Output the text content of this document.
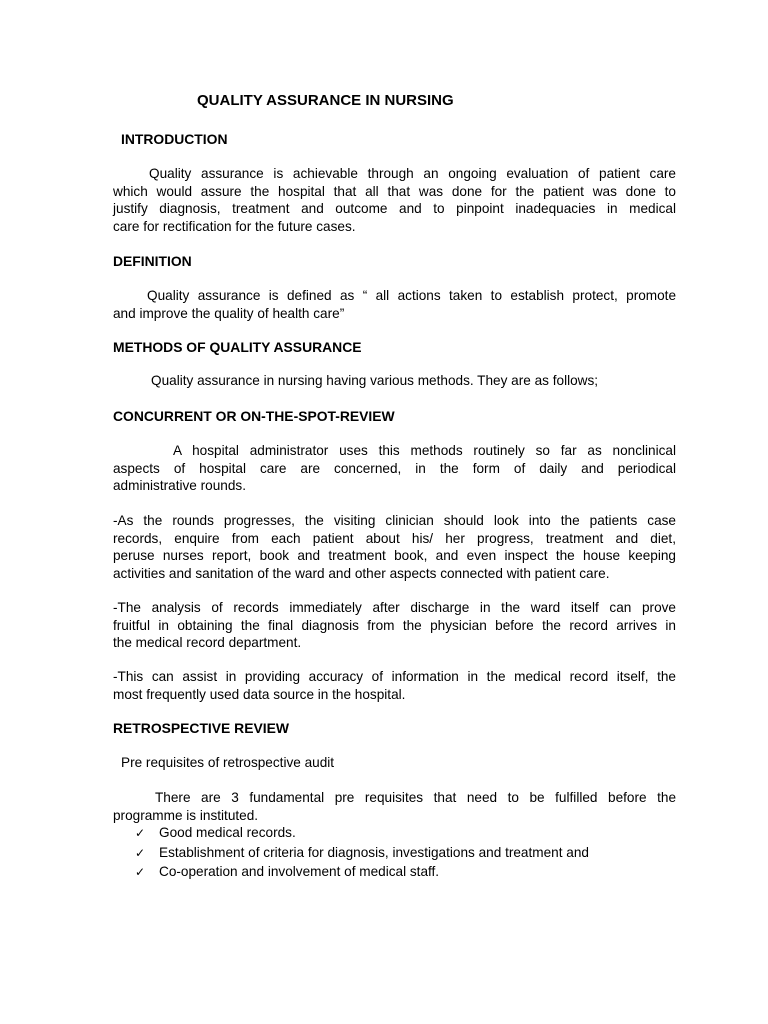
QUALITY ASSURANCE IN NURSING

INTRODUCTION

Quality assurance is achievable through an ongoing evaluation of patient care
which would assure the hospital that all that was done for the patient was done to
justify diagnosis, treatment and outcome and to pinpoint inadequacies in medical
care for rectification for the future cases.

DEFINITION

Quality assurance is defined as “ all actions taken to establish protect, promote
and improve the quality of health care”

METHODS OF QUALITY ASSURANCE

Quality assurance in nursing having various methods. They are as follows;

CONCURRENT OR ON-THE-SPOT-REVIEW

A hospital administrator uses this methods routinely so far as nonclinical
aspects of hospital care are concerned, in the form of daily and periodical
administrative rounds.
-As the rounds progresses, the visiting clinician should look into the patients case
records, enquire from each patient about his/ her progress, treatment and diet,
peruse nurses report, book and treatment book, and even inspect the house keeping
activities and sanitation of the ward and other aspects connected with patient care.
-The analysis of records immediately after discharge in the ward itself can prove
fruitful in obtaining the final diagnosis from the physician before the record arrives in
the medical record department.
-This can assist in providing accuracy of information in the medical record itself, the
most frequently used data source in the hospital.

RETROSPECTIVE REVIEW

Pre requisites of retrospective audit

There are 3 fundamental pre requisites that need to be fulfilled before the
programme is instituted.

✓ Good medical records.

✓ Establishment of criteria for diagnosis, investigations and treatment and

✓ Co-operation and involvement of medical staff.
